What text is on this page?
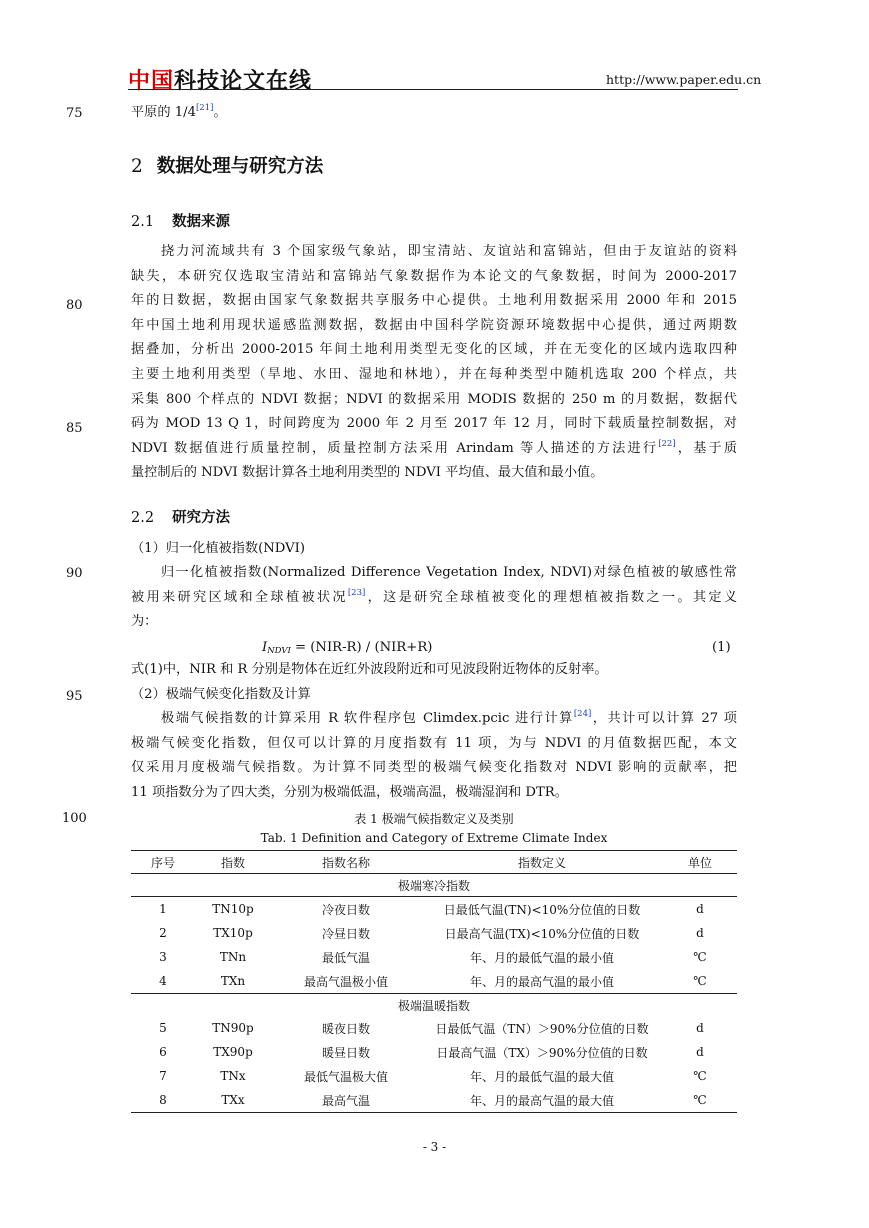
中国科技论文在线	http://www.paper.edu.cn
75
80
85
90
95
100
平原的 1/4[21]。
2 数据处理与研究方法
2.1 数据来源
挠力河流域共有 3 个国家级气象站，即宝清站、友谊站和富锦站，但由于友谊站的资料
缺失，本研究仅选取宝清站和富锦站气象数据作为本论文的气象数据，时间为 2000-2017
年的日数据，数据由国家气象数据共享服务中心提供。土地利用数据采用 2000 年和 2015
年中国土地利用现状遥感监测数据，数据由中国科学院资源环境数据中心提供，通过两期数
据叠加，分析出 2000-2015 年间土地利用类型无变化的区域，并在无变化的区域内选取四种
主要土地利用类型（旱地、水田、湿地和林地），并在每种类型中随机选取 200 个样点，共
采集 800 个样点的 NDVI 数据；NDVI 的数据采用 MODIS 数据的 250 m 的月数据，数据代
码为 MOD 13 Q 1，时间跨度为 2000 年 2 月至 2017 年 12 月，同时下载质量控制数据，对
NDVI 数据值进行质量控制，质量控制方法采用 Arindam 等人描述的方法进行[22]，基于质
量控制后的 NDVI 数据计算各土地利用类型的 NDVI 平均值、最大值和最小值。
2.2 研究方法
（1）归一化植被指数(NDVI)
归一化植被指数(Normalized Difference Vegetation Index, NDVI)对绿色植被的敏感性常
被用来研究区域和全球植被状况[23]，这是研究全球植被变化的理想植被指数之一。其定义
为：
$I_{NDVI} = (NIR-R) / (NIR+R)$	(1)
式(1)中，NIR 和 R 分别是物体在近红外波段附近和可见波段附近物体的反射率。
（2）极端气候变化指数及计算
极端气候指数的计算采用 R 软件程序包 Climdex.pcic 进行计算[24]，共计可以计算 27 项
极端气候变化指数，但仅可以计算的月度指数有 11 项，为与 NDVI 的月值数据匹配，本文
仅采用月度极端气候指数。为计算不同类型的极端气候变化指数对 NDVI 影响的贡献率，把
11 项指数分为了四大类，分别为极端低温，极端高温，极端湿润和 DTR。
表 1 极端气候指数定义及类别
Tab. 1 Definition and Category of Extreme Climate Index
序号	指数	指数名称	指数定义	单位
极端寒冷指数				
1	TN10p	冷夜日数	日最低气温(TN)<10%分位值的日数	d
2	TX10p	冷昼日数	日最高气温(TX)<10%分位值的日数	d
3	TNn	最低气温	年、月的最低气温的最小值	℃
4	TXn	最高气温极小值	年、月的最高气温的最小值	℃
极端温暖指数				
5	TN90p	暖夜日数	日最低气温（TN）＞90%分位值的日数	d
6	TX90p	暖昼日数	日最高气温（TX）＞90%分位值的日数	d
7	TNx	最低气温极大值	年、月的最低气温的最大值	℃
8	TXx	最高气温	年、月的最高气温的最大值	℃
- 3 -
